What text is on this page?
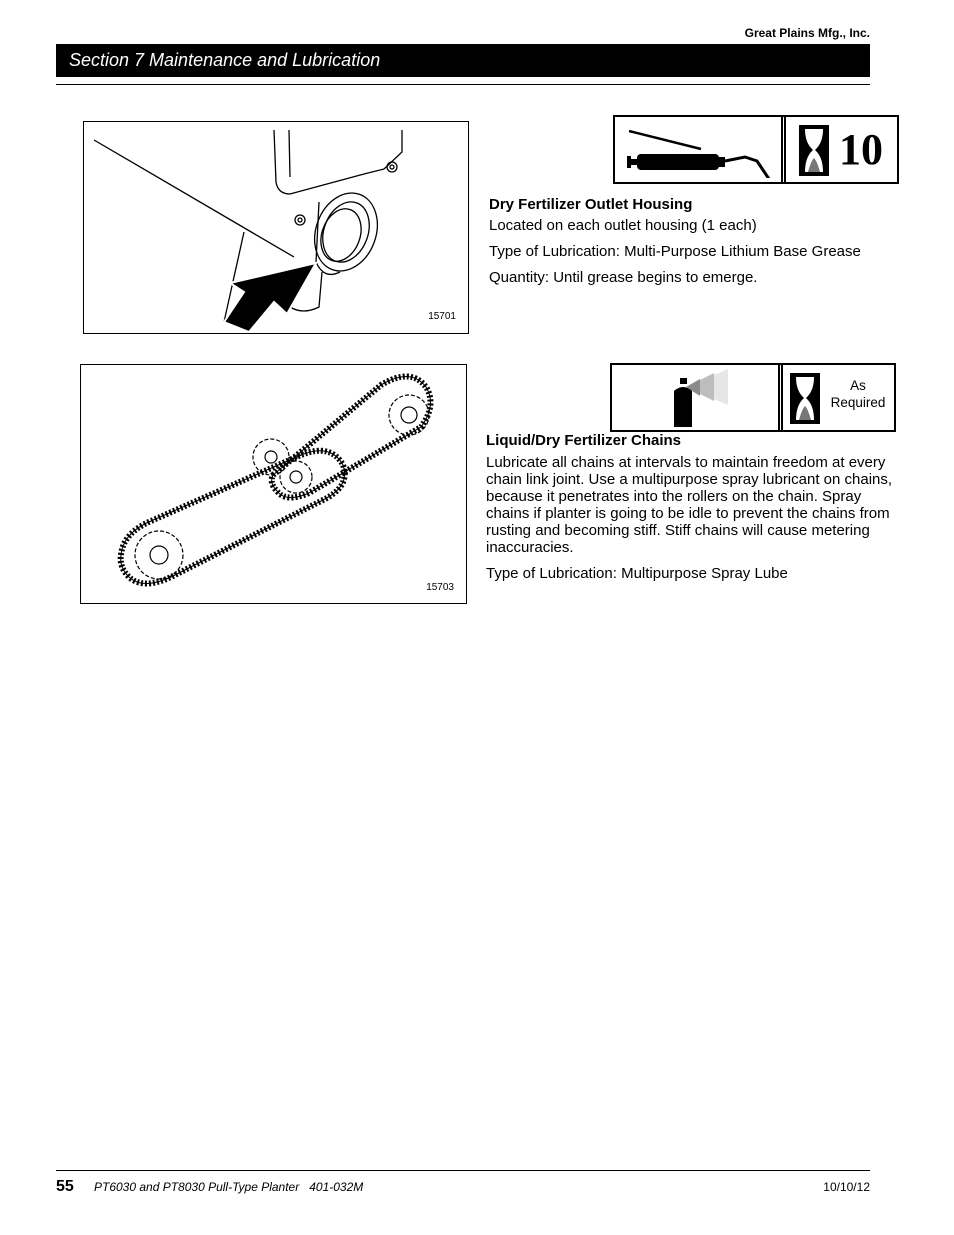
Great Plains Mfg., Inc.
Section 7 Maintenance and Lubrication
15701
10
Dry Fertilizer Outlet Housing
Located on each outlet housing (1 each)
Type of Lubrication: Multi-Purpose Lithium Base Grease
Quantity: Until grease begins to emerge.
15703
As
Required
Liquid/Dry Fertilizer Chains
Lubricate all chains at intervals to maintain freedom at every chain link joint. Use a multipurpose spray lubricant on chains, because it penetrates into the rollers on the chain. Spray chains if planter is going to be idle to prevent the chains from rusting and becoming stiff. Stiff chains will cause metering inaccuracies.
Type of Lubrication: Multipurpose Spray Lube
55 PT6030 and PT8030 Pull-Type Planter   401-032M	10/10/12
